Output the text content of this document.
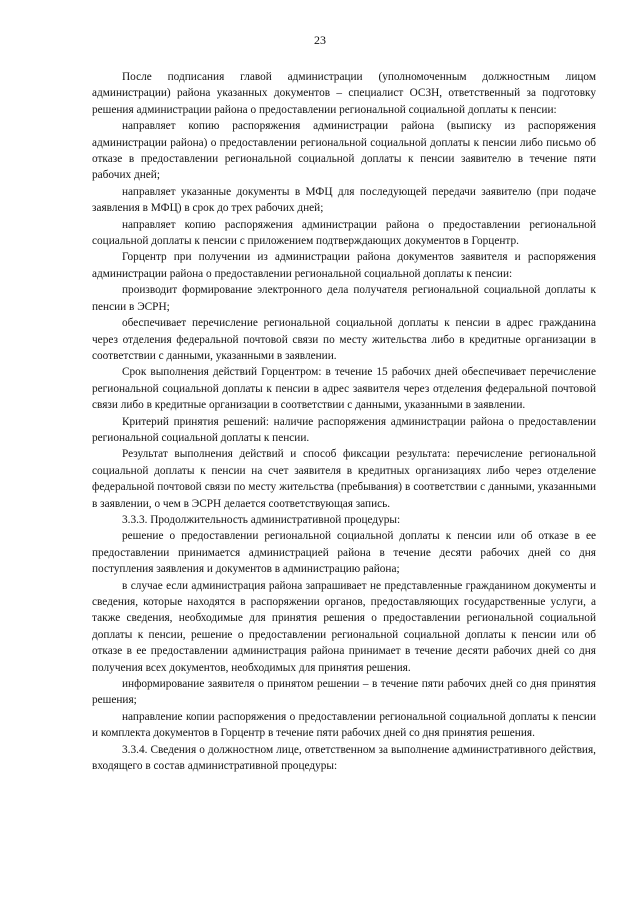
23

После подписания главой администрации (уполномоченным должностным лицом администрации) района указанных документов – специалист ОСЗН, ответственный за подготовку решения администрации района о предоставлении региональной социальной доплаты к пенсии:

направляет копию распоряжения администрации района (выписку из распоряжения администрации района) о предоставлении региональной социальной доплаты к пенсии либо письмо об отказе в предоставлении региональной социальной доплаты к пенсии заявителю в течение пяти рабочих дней;

направляет указанные документы в МФЦ для последующей передачи заявителю (при подаче заявления в МФЦ) в срок до трех рабочих дней;

направляет копию распоряжения администрации района о предоставлении региональной социальной доплаты к пенсии с приложением подтверждающих документов в Горцентр.

Горцентр при получении из администрации района документов заявителя и распоряжения администрации района о предоставлении региональной социальной доплаты к пенсии:

производит формирование электронного дела получателя региональной социальной доплаты к пенсии в ЭСРН;

обеспечивает перечисление региональной социальной доплаты к пенсии в адрес гражданина через отделения федеральной почтовой связи по месту жительства либо в кредитные организации в соответствии с данными, указанными в заявлении.

Срок выполнения действий Горцентром: в течение 15 рабочих дней обеспечивает перечисление региональной социальной доплаты к пенсии в адрес заявителя через отделения федеральной почтовой связи либо в кредитные организации в соответствии с данными, указанными в заявлении.

Критерий принятия решений: наличие распоряжения администрации района о предоставлении региональной социальной доплаты к пенсии.

Результат выполнения действий и способ фиксации результата: перечисление региональной социальной доплаты к пенсии на счет заявителя в кредитных организациях либо через отделение федеральной почтовой связи по месту жительства (пребывания) в соответствии с данными, указанными в заявлении, о чем в ЭСРН делается соответствующая запись.

3.3.3. Продолжительность административной процедуры:

решение о предоставлении региональной социальной доплаты к пенсии или об отказе в ее предоставлении принимается администрацией района в течение десяти рабочих дней со дня поступления заявления и документов в администрацию района;

в случае если администрация района запрашивает не представленные гражданином документы и сведения, которые находятся в распоряжении органов, предоставляющих государственные услуги, а также сведения, необходимые для принятия решения о предоставлении региональной социальной доплаты к пенсии, решение о предоставлении региональной социальной доплаты к пенсии или об отказе в ее предоставлении администрация района принимает в течение десяти рабочих дней со дня получения всех документов, необходимых для принятия решения.

информирование заявителя о принятом решении – в течение пяти рабочих дней со дня принятия решения;

направление копии распоряжения о предоставлении региональной социальной доплаты к пенсии и комплекта документов в Горцентр в течение пяти рабочих дней со дня принятия решения.

3.3.4. Сведения о должностном лице, ответственном за выполнение административного действия, входящего в состав административной процедуры:
